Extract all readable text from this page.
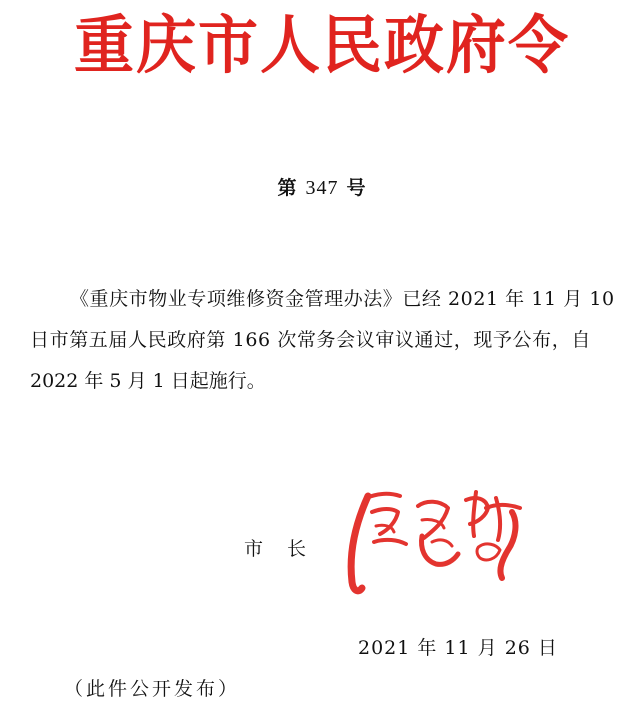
重庆市人民政府令
第 347 号
《重庆市物业专项维修资金管理办法》已经 2021 年 11 月 10
日市第五届人民政府第 166 次常务会议审议通过，现予公布，自
2022 年 5 月 1 日起施行。
市长
2021 年 11 月 26 日
（此件公开发布）
